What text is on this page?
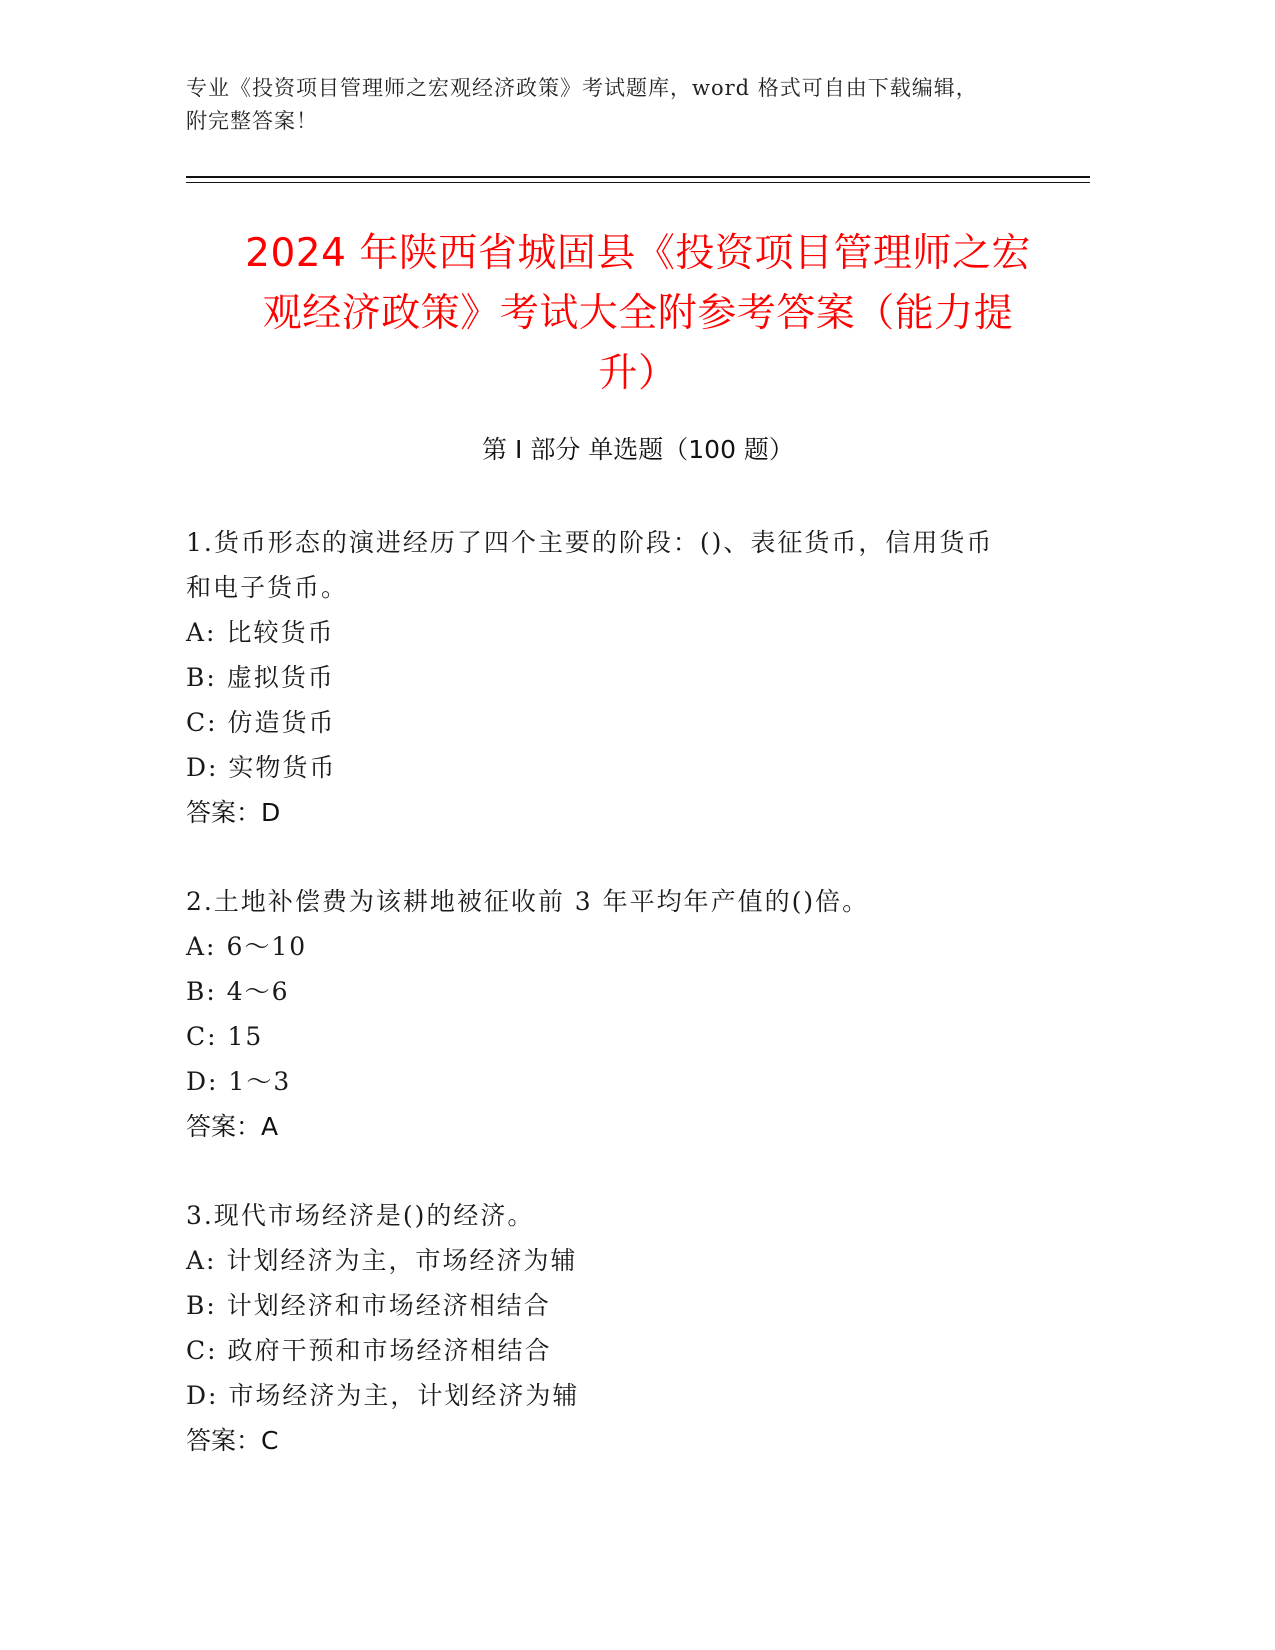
专业《投资项目管理师之宏观经济政策》考试题库，word 格式可自由下载编辑，
附完整答案！
2024 年陕西省城固县《投资项目管理师之宏
观经济政策》考试大全附参考答案（能力提
升）
第 I 部分 单选题（100 题）

1.货币形态的演进经历了四个主要的阶段：()、表征货币，信用货币

和电子货币。

A: 比较货币

B: 虚拟货币

C: 仿造货币

D: 实物货币

答案：D

2.土地补偿费为该耕地被征收前 3 年平均年产值的()倍。

A: 6～10

B: 4～6

C: 15

D: 1～3

答案：A

3.现代市场经济是()的经济。

A: 计划经济为主，市场经济为辅

B: 计划经济和市场经济相结合

C: 政府干预和市场经济相结合

D: 市场经济为主，计划经济为辅

答案：C
